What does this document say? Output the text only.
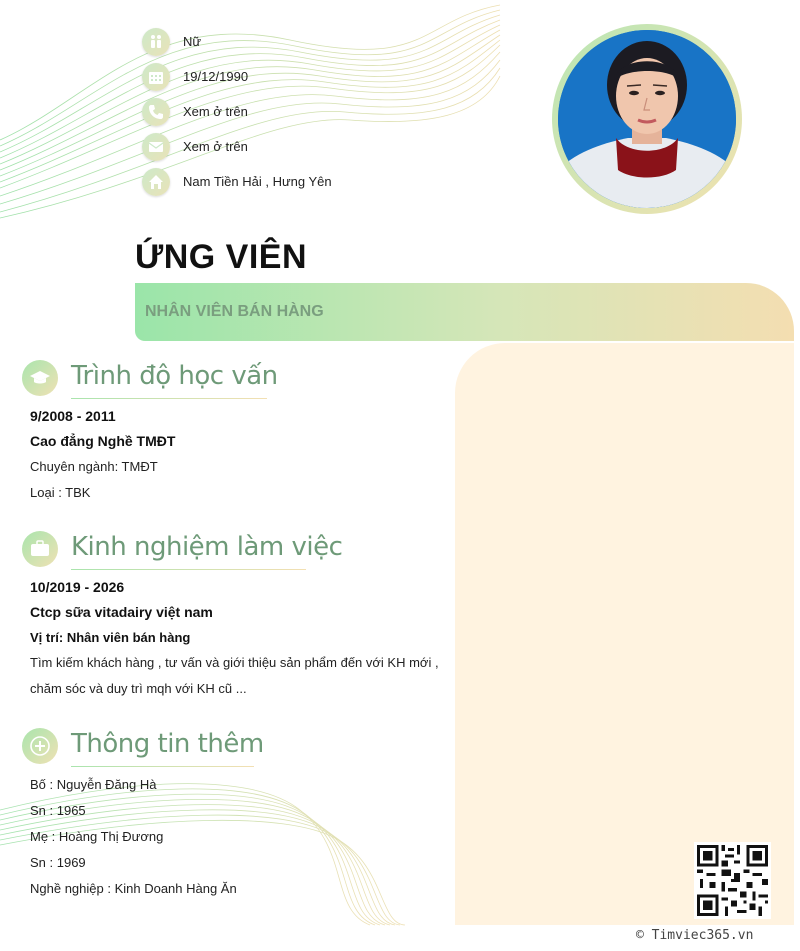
Nữ
19/12/1990
Xem ở trên
Xem ở trên
Nam Tiền Hải , Hưng Yên
ỨNG VIÊN
NHÂN VIÊN BÁN HÀNG
Trình độ học vấn
9/2008 - 2011
Cao đẳng Nghề TMĐT
Chuyên ngành: TMĐT
Loại : TBK
Kinh nghiệm làm việc
10/2019 - 2026
Ctcp sữa vitadairy việt nam
Vị trí: Nhân viên bán hàng
Tìm kiếm khách hàng , tư vấn và giới thiệu sản phẩm đến với KH mới , chăm sóc và duy trì mqh với KH cũ ...
Thông tin thêm
Bố : Nguyễn Đăng Hà
Sn : 1965
Mẹ : Hoàng Thị Đương
Sn : 1969
Nghề nghiệp : Kinh Doanh Hàng Ăn
© Timviec365.vn
